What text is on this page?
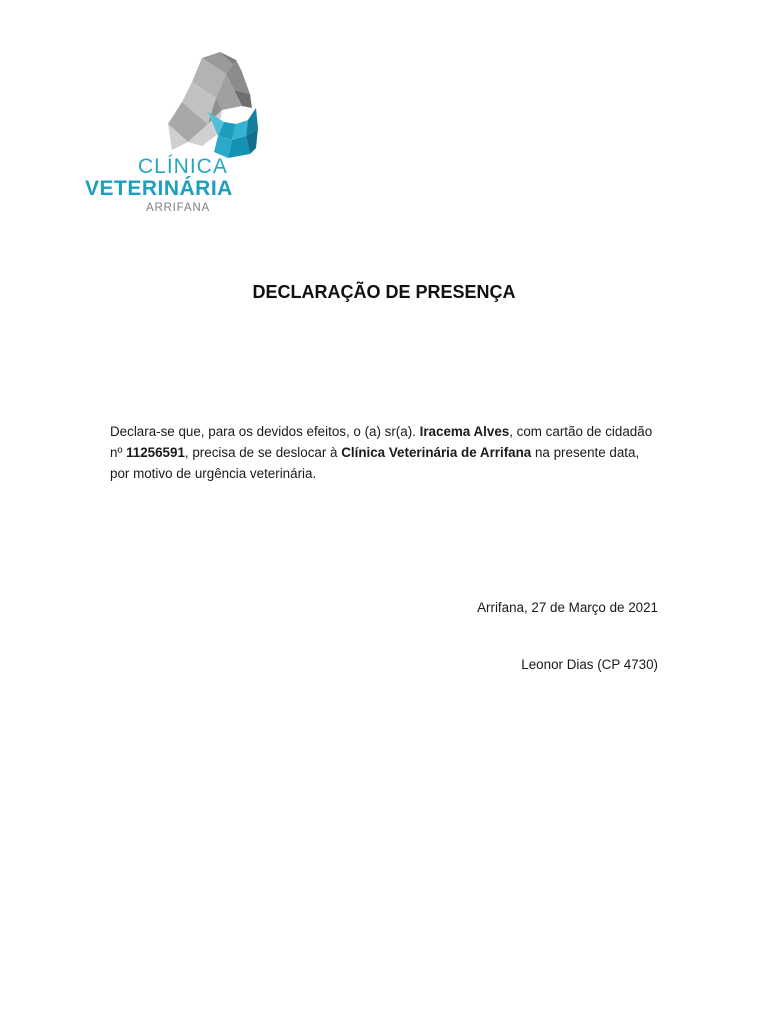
CLÍNICA
VETERINÁRIA
ARRIFANA
DECLARAÇÃO DE PRESENÇA
Declara-se que, para os devidos efeitos, o (a) sr(a). Iracema Alves, com cartão de cidadão nº 11256591, precisa de se deslocar à Clínica Veterinária de Arrifana na presente data, por motivo de urgência veterinária.
Arrifana, 27 de Março de 2021
Leonor Dias (CP 4730)
